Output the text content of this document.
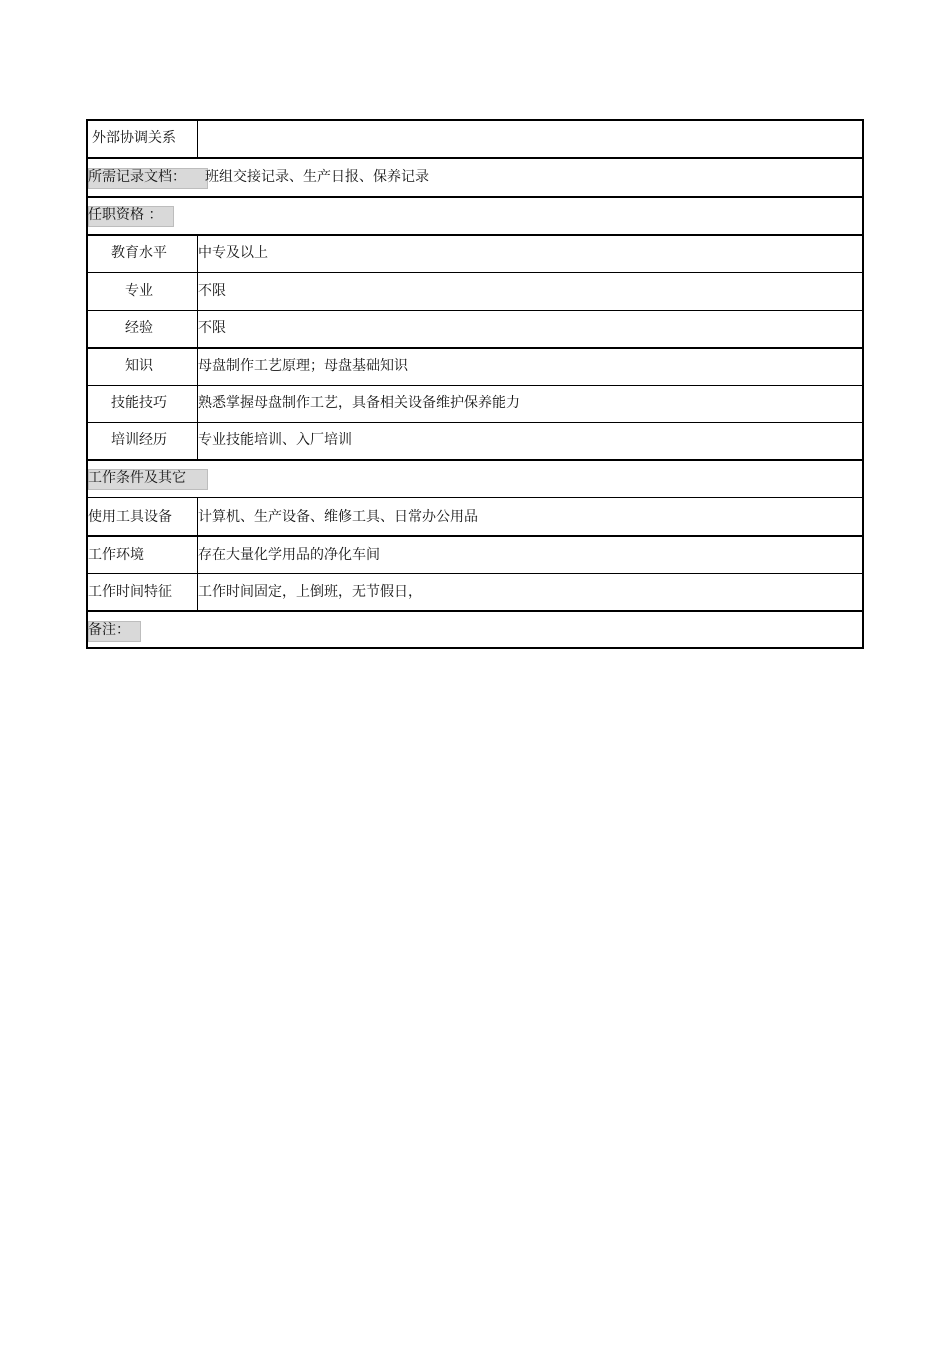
外部协调关系
所需记录文档： 班组交接记录、生产日报、保养记录
任职资格 ：
教育水平	中专及以上
专业	不限
经验	不限
知识	母盘制作工艺原理；母盘基础知识
技能技巧	熟悉掌握母盘制作工艺，具备相关设备维护保养能力
培训经历	专业技能培训、入厂培训
工作条件及其它
使用工具设备 计算机、生产设备、维修工具、日常办公用品
工作环境	存在大量化学用品的净化车间
工作时间特征 工作时间固定，上倒班，无节假日，
备注：
